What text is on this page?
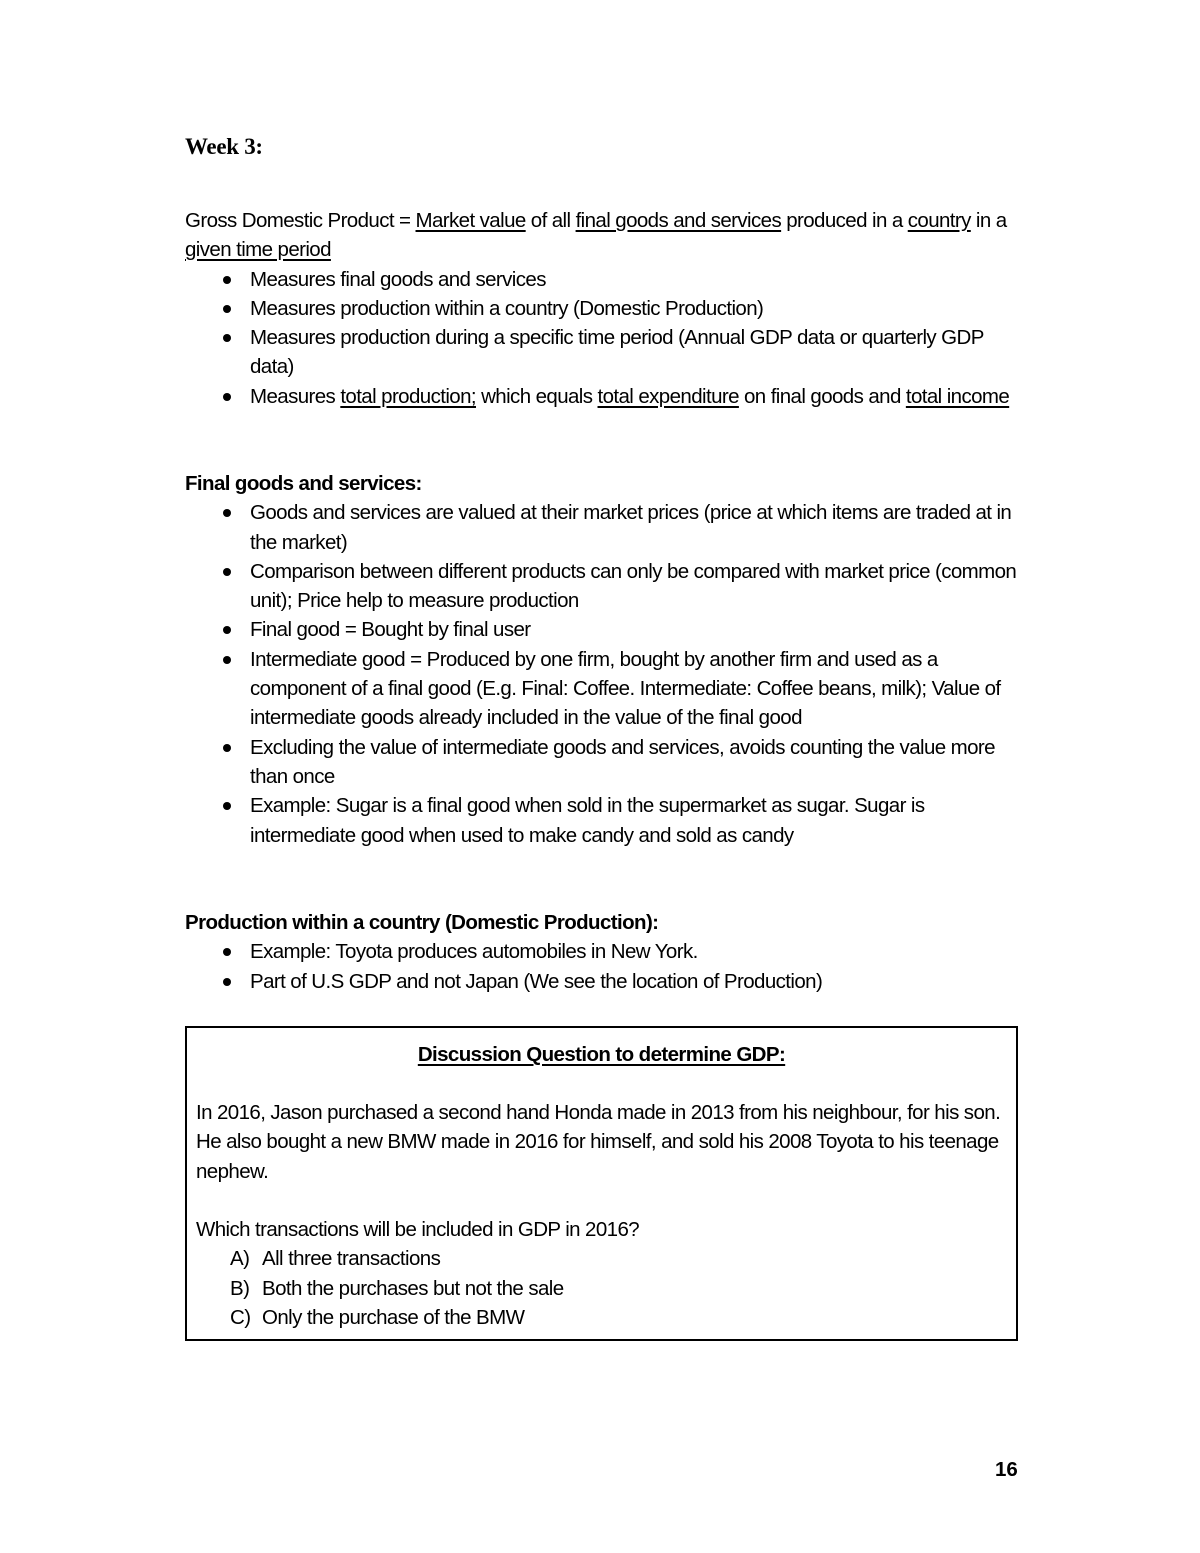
Week 3:
Gross Domestic Product = Market value of all final goods and services produced in a country in a given time period
Measures final goods and services
Measures production within a country (Domestic Production)
Measures production during a specific time period (Annual GDP data or quarterly GDP data)
Measures total production; which equals total expenditure on final goods and total income
Final goods and services:
Goods and services are valued at their market prices (price at which items are traded at in the market)
Comparison between different products can only be compared with market price (common unit); Price help to measure production
Final good = Bought by final user
Intermediate good = Produced by one firm, bought by another firm and used as a component of a final good (E.g. Final: Coffee. Intermediate: Coffee beans, milk); Value of intermediate goods already included in the value of the final good
Excluding the value of intermediate goods and services, avoids counting the value more than once
Example: Sugar is a final good when sold in the supermarket as sugar. Sugar is intermediate good when used to make candy and sold as candy
Production within a country (Domestic Production):
Example: Toyota produces automobiles in New York.
Part of U.S GDP and not Japan (We see the location of Production)
Discussion Question to determine GDP:
In 2016, Jason purchased a second hand Honda made in 2013 from his neighbour, for his son. He also bought a new BMW made in 2016 for himself, and sold his 2008 Toyota to his teenage nephew.
Which transactions will be included in GDP in 2016?
A) All three transactions
B) Both the purchases but not the sale
C) Only the purchase of the BMW
16
